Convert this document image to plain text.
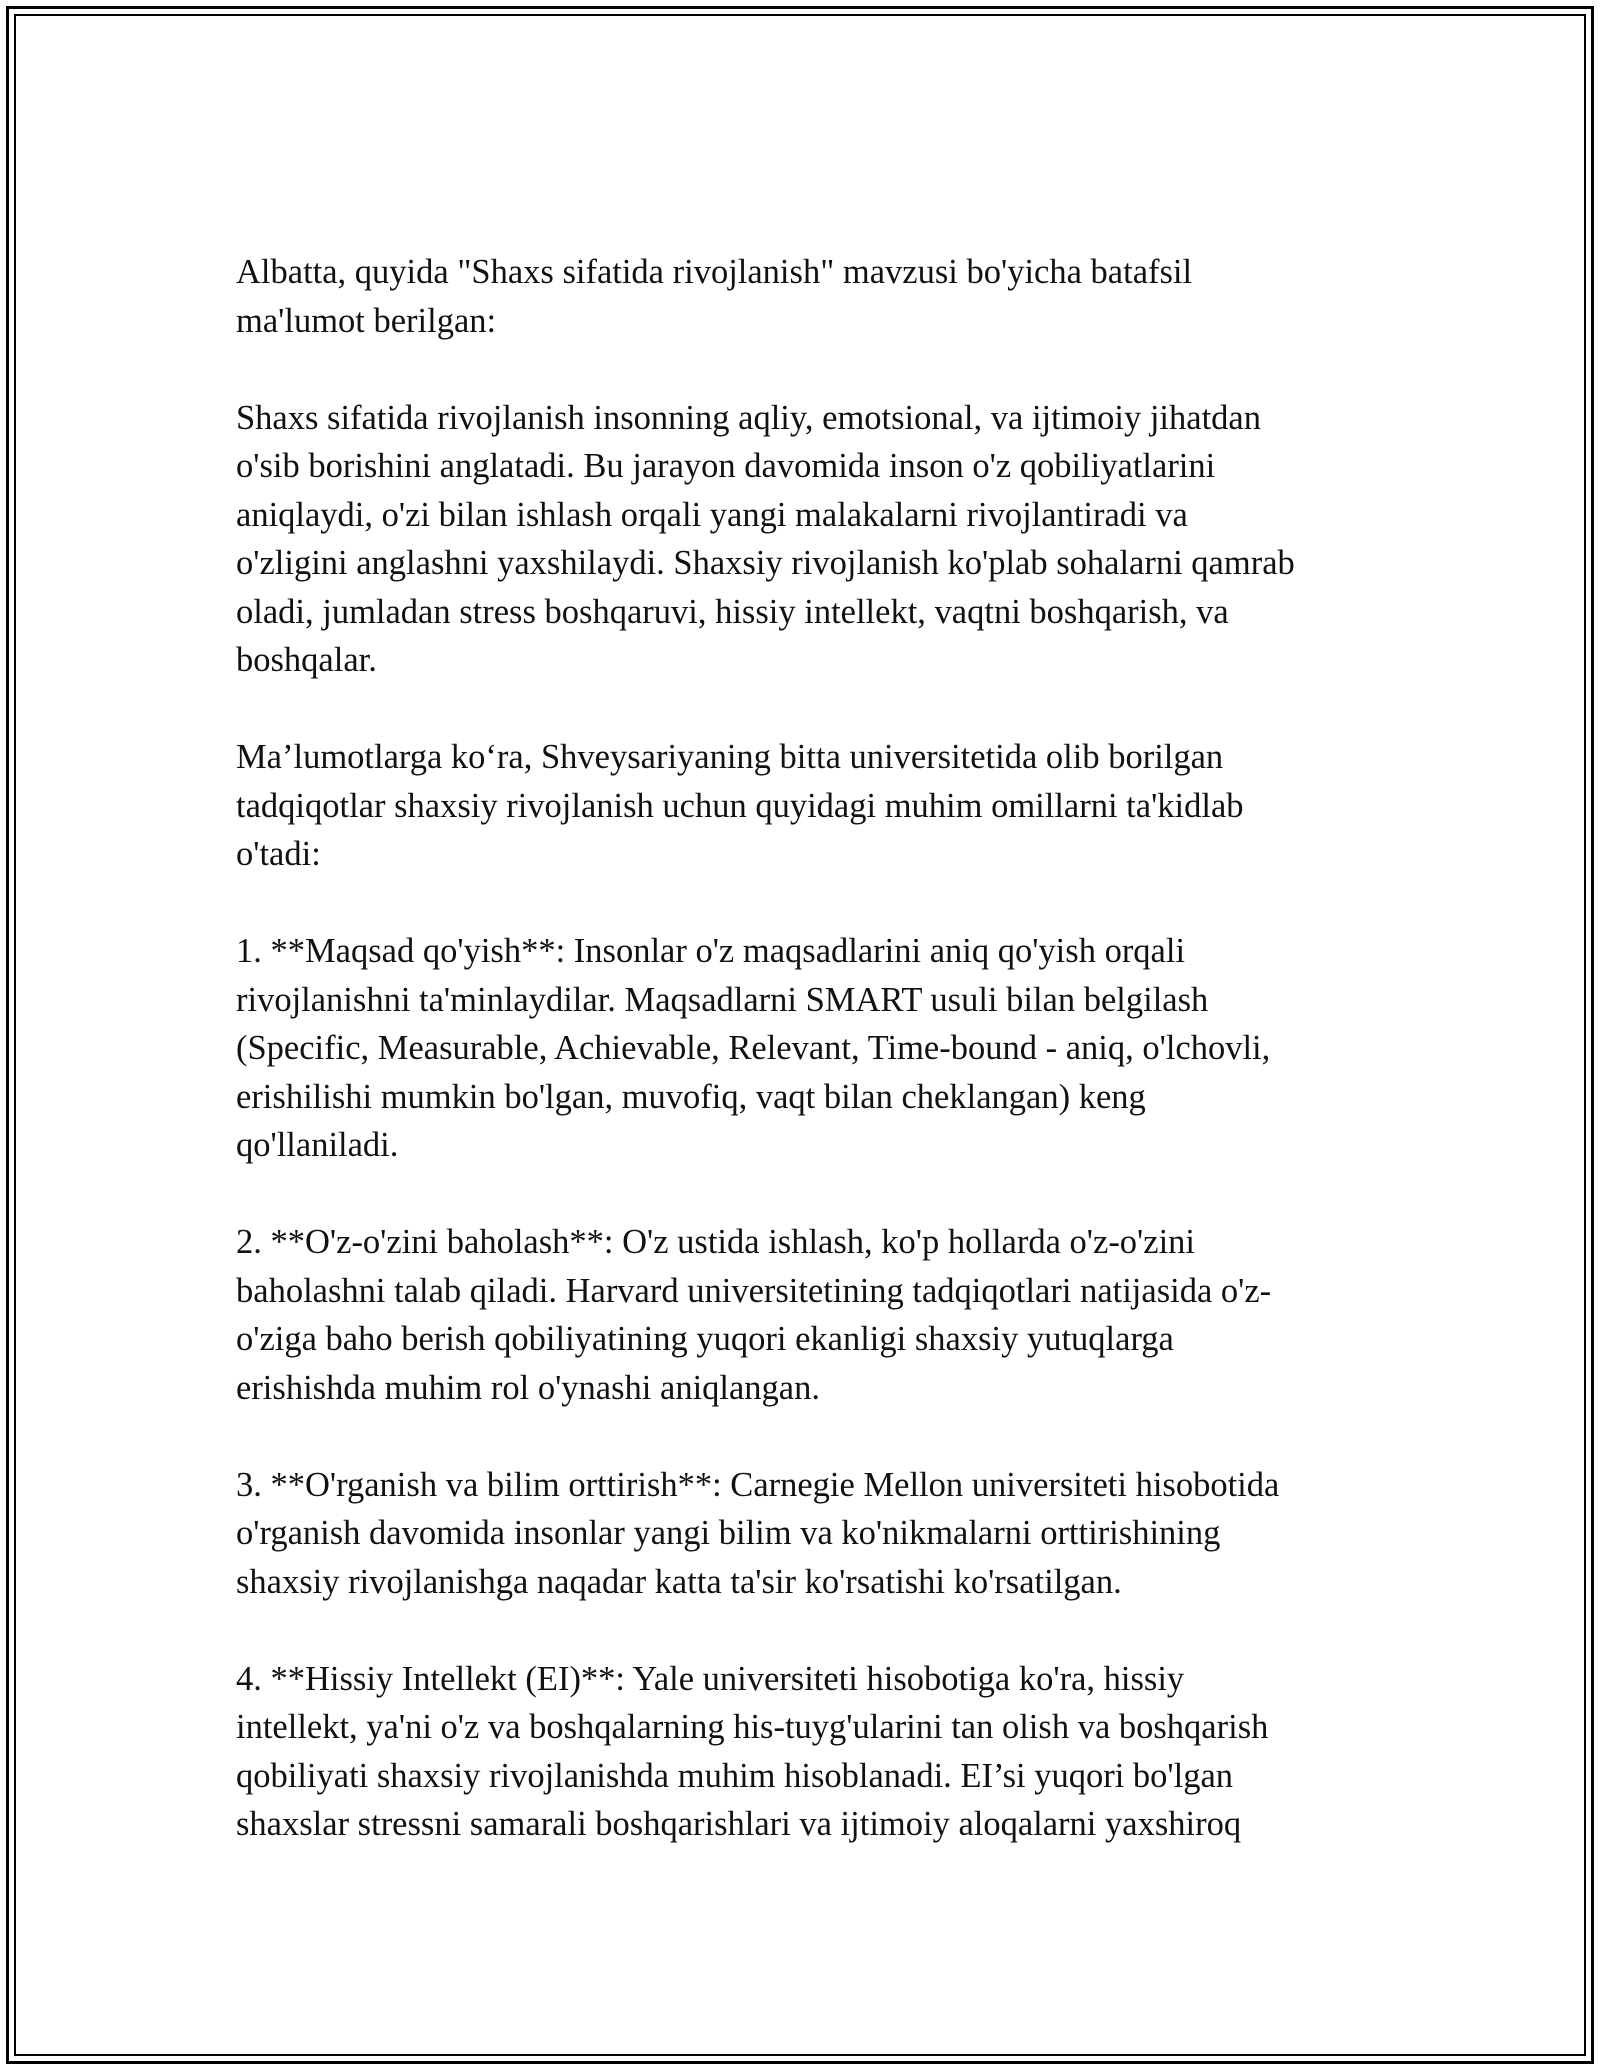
Albatta, quyida "Shaxs sifatida rivojlanish" mavzusi bo'yicha batafsil
ma'lumot berilgan:

Shaxs sifatida rivojlanish insonning aqliy, emotsional, va ijtimoiy jihatdan
o'sib borishini anglatadi. Bu jarayon davomida inson o'z qobiliyatlarini
aniqlaydi, o'zi bilan ishlash orqali yangi malakalarni rivojlantiradi va
o'zligini anglashni yaxshilaydi. Shaxsiy rivojlanish ko'plab sohalarni qamrab
oladi, jumladan stress boshqaruvi, hissiy intellekt, vaqtni boshqarish, va
boshqalar.

Ma’lumotlarga ko‘ra, Shveysariyaning bitta universitetida olib borilgan
tadqiqotlar shaxsiy rivojlanish uchun quyidagi muhim omillarni ta'kidlab
o'tadi:

1. **Maqsad qo'yish**: Insonlar o'z maqsadlarini aniq qo'yish orqali
rivojlanishni ta'minlaydilar. Maqsadlarni SMART usuli bilan belgilash
(Specific, Measurable, Achievable, Relevant, Time-bound - aniq, o'lchovli,
erishilishi mumkin bo'lgan, muvofiq, vaqt bilan cheklangan) keng
qo'llaniladi.

2. **O'z-o'zini baholash**: O'z ustida ishlash, ko'p hollarda o'z-o'zini
baholashni talab qiladi. Harvard universitetining tadqiqotlari natijasida o'z-
o'ziga baho berish qobiliyatining yuqori ekanligi shaxsiy yutuqlarga
erishishda muhim rol o'ynashi aniqlangan.

3. **O'rganish va bilim orttirish**: Carnegie Mellon universiteti hisobotida
o'rganish davomida insonlar yangi bilim va ko'nikmalarni orttirishining
shaxsiy rivojlanishga naqadar katta ta'sir ko'rsatishi ko'rsatilgan.

4. **Hissiy Intellekt (EI)**: Yale universiteti hisobotiga ko'ra, hissiy
intellekt, ya'ni o'z va boshqalarning his-tuyg'ularini tan olish va boshqarish
qobiliyati shaxsiy rivojlanishda muhim hisoblanadi. EI’si yuqori bo'lgan
shaxslar stressni samarali boshqarishlari va ijtimoiy aloqalarni yaxshiroq
